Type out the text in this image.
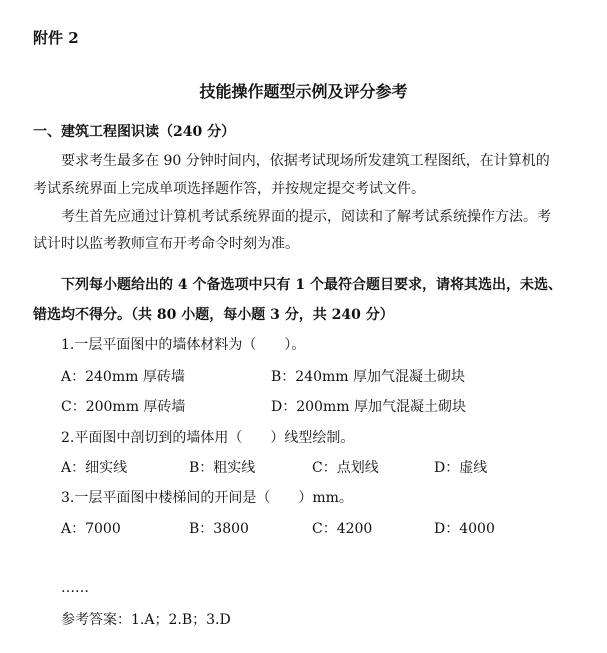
附件 2
技能操作题型示例及评分参考
一、建筑工程图识读（240 分）
要求考生最多在 90 分钟时间内，依据考试现场所发建筑工程图纸，在计算机的
考试系统界面上完成单项选择题作答，并按规定提交考试文件。
考生首先应通过计算机考试系统界面的提示，阅读和了解考试系统操作方法。考
试计时以监考教师宣布开考命令时刻为准。
下列每小题给出的 4 个备选项中只有 1 个最符合题目要求，请将其选出，未选、
错选均不得分。（共 80 小题，每小题 3 分，共 240 分）
1.一层平面图中的墙体材料为（　　）。
A：240mm 厚砖墙	B：240mm 厚加气混凝土砌块
C：200mm 厚砖墙	D：200mm 厚加气混凝土砌块
2.平面图中剖切到的墙体用（　　）线型绘制。
A：细实线	B：粗实线	C：点划线	D：虚线
3.一层平面图中楼梯间的开间是（　　）mm。
A：7000	B：3800	C：4200	D：4000
……
参考答案：1.A；2.B；3.D
